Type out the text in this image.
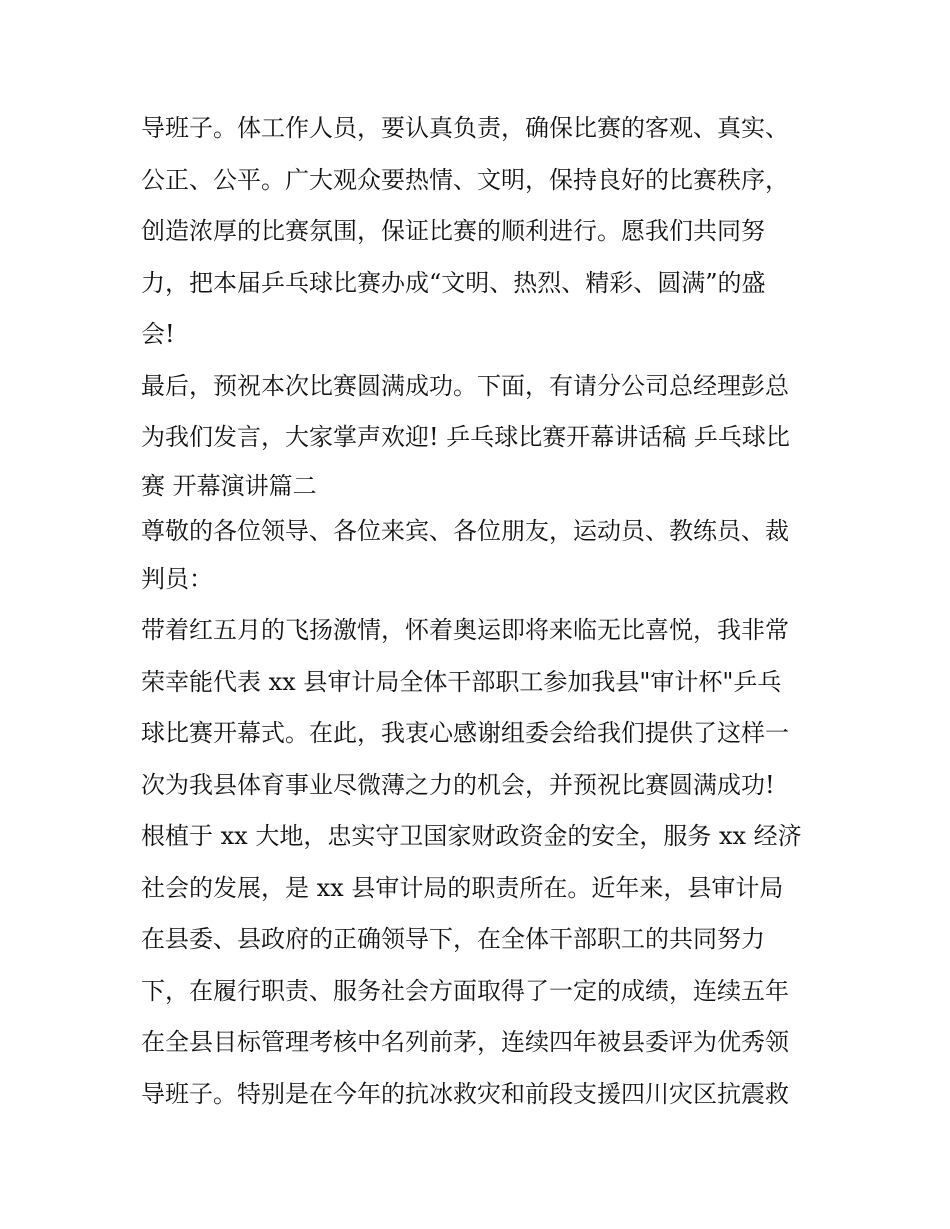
导班子。体工作人员，要认真负责，确保比赛的客观、真实、
公正、公平。广大观众要热情、文明，保持良好的比赛秩序，
创造浓厚的比赛氛围，保证比赛的顺利进行。愿我们共同努
力，把本届乒乓球比赛办成“文明、热烈、精彩、圆满”的盛
会!
最后，预祝本次比赛圆满成功。下面，有请分公司总经理彭总
为我们发言，大家掌声欢迎! 乒乓球比赛开幕讲话稿 乒乓球比
赛 开幕演讲篇二
尊敬的各位领导、各位来宾、各位朋友，运动员、教练员、裁
判员：
带着红五月的飞扬激情，怀着奥运即将来临无比喜悦，我非常
荣幸能代表 xx 县审计局全体干部职工参加我县"审计杯"乒乓
球比赛开幕式。在此，我衷心感谢组委会给我们提供了这样一
次为我县体育事业尽微薄之力的机会，并预祝比赛圆满成功!
根植于 xx 大地，忠实守卫国家财政资金的安全，服务 xx 经济
社会的发展，是 xx 县审计局的职责所在。近年来，县审计局
在县委、县政府的正确领导下，在全体干部职工的共同努力
下，在履行职责、服务社会方面取得了一定的成绩，连续五年
在全县目标管理考核中名列前茅，连续四年被县委评为优秀领
导班子。特别是在今年的抗冰救灾和前段支援四川灾区抗震救
